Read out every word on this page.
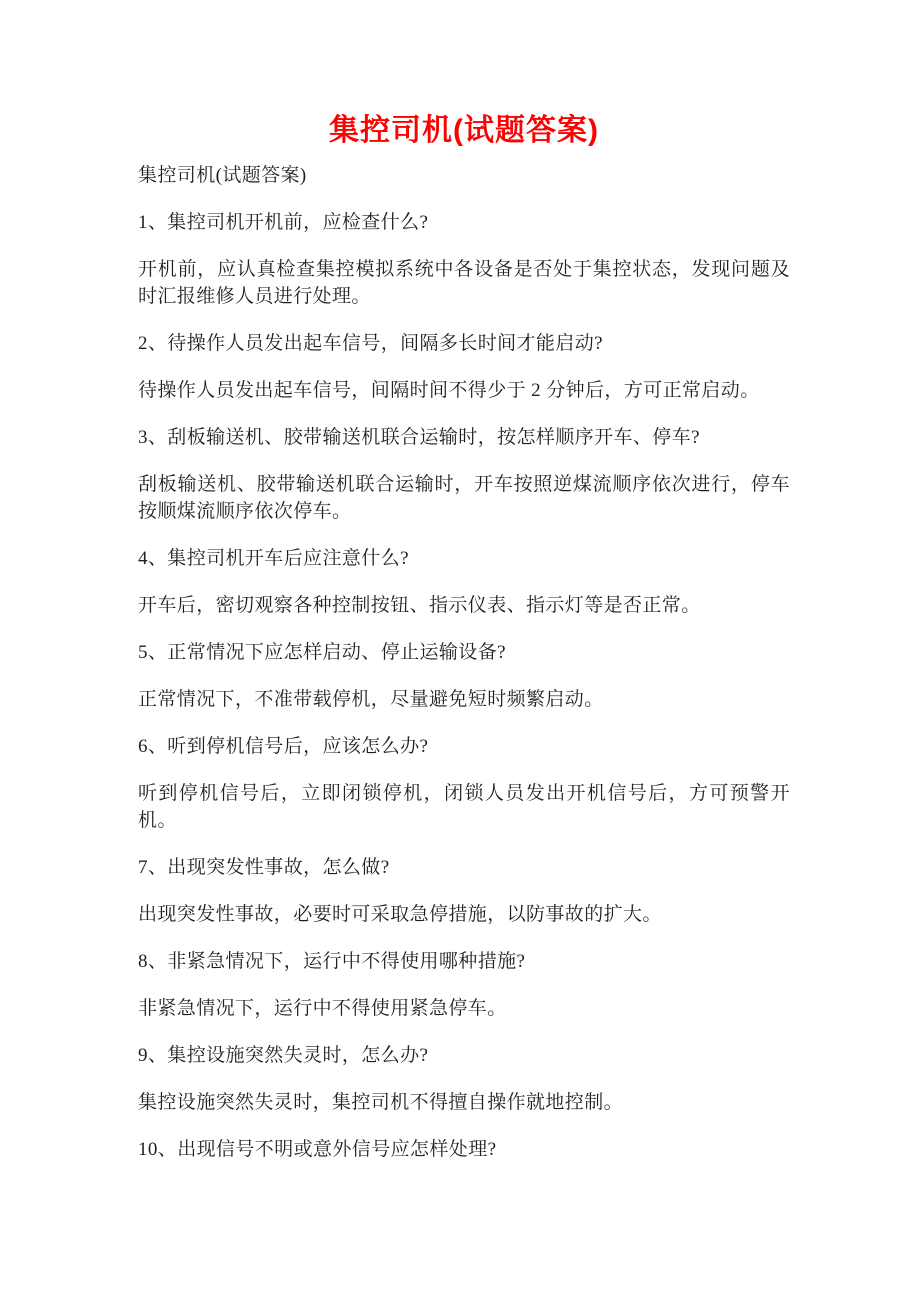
集控司机(试题答案)

集控司机(试题答案)

1、集控司机开机前，应检查什么?

开机前，应认真检查集控模拟系统中各设备是否处于集控状态，发现问题及时汇报维修人员进行处理。

2、待操作人员发出起车信号，间隔多长时间才能启动?

待操作人员发出起车信号，间隔时间不得少于 2 分钟后，方可正常启动。

3、刮板输送机、胶带输送机联合运输时，按怎样顺序开车、停车?

刮板输送机、胶带输送机联合运输时，开车按照逆煤流顺序依次进行，停车按顺煤流顺序依次停车。

4、集控司机开车后应注意什么?

开车后，密切观察各种控制按钮、指示仪表、指示灯等是否正常。

5、正常情况下应怎样启动、停止运输设备?

正常情况下，不准带载停机，尽量避免短时频繁启动。

6、听到停机信号后，应该怎么办?

听到停机信号后，立即闭锁停机，闭锁人员发出开机信号后，方可预警开机。

7、出现突发性事故，怎么做?

出现突发性事故，必要时可采取急停措施，以防事故的扩大。

8、非紧急情况下，运行中不得使用哪种措施?

非紧急情况下，运行中不得使用紧急停车。

9、集控设施突然失灵时，怎么办?

集控设施突然失灵时，集控司机不得擅自操作就地控制。

10、出现信号不明或意外信号应怎样处理?
